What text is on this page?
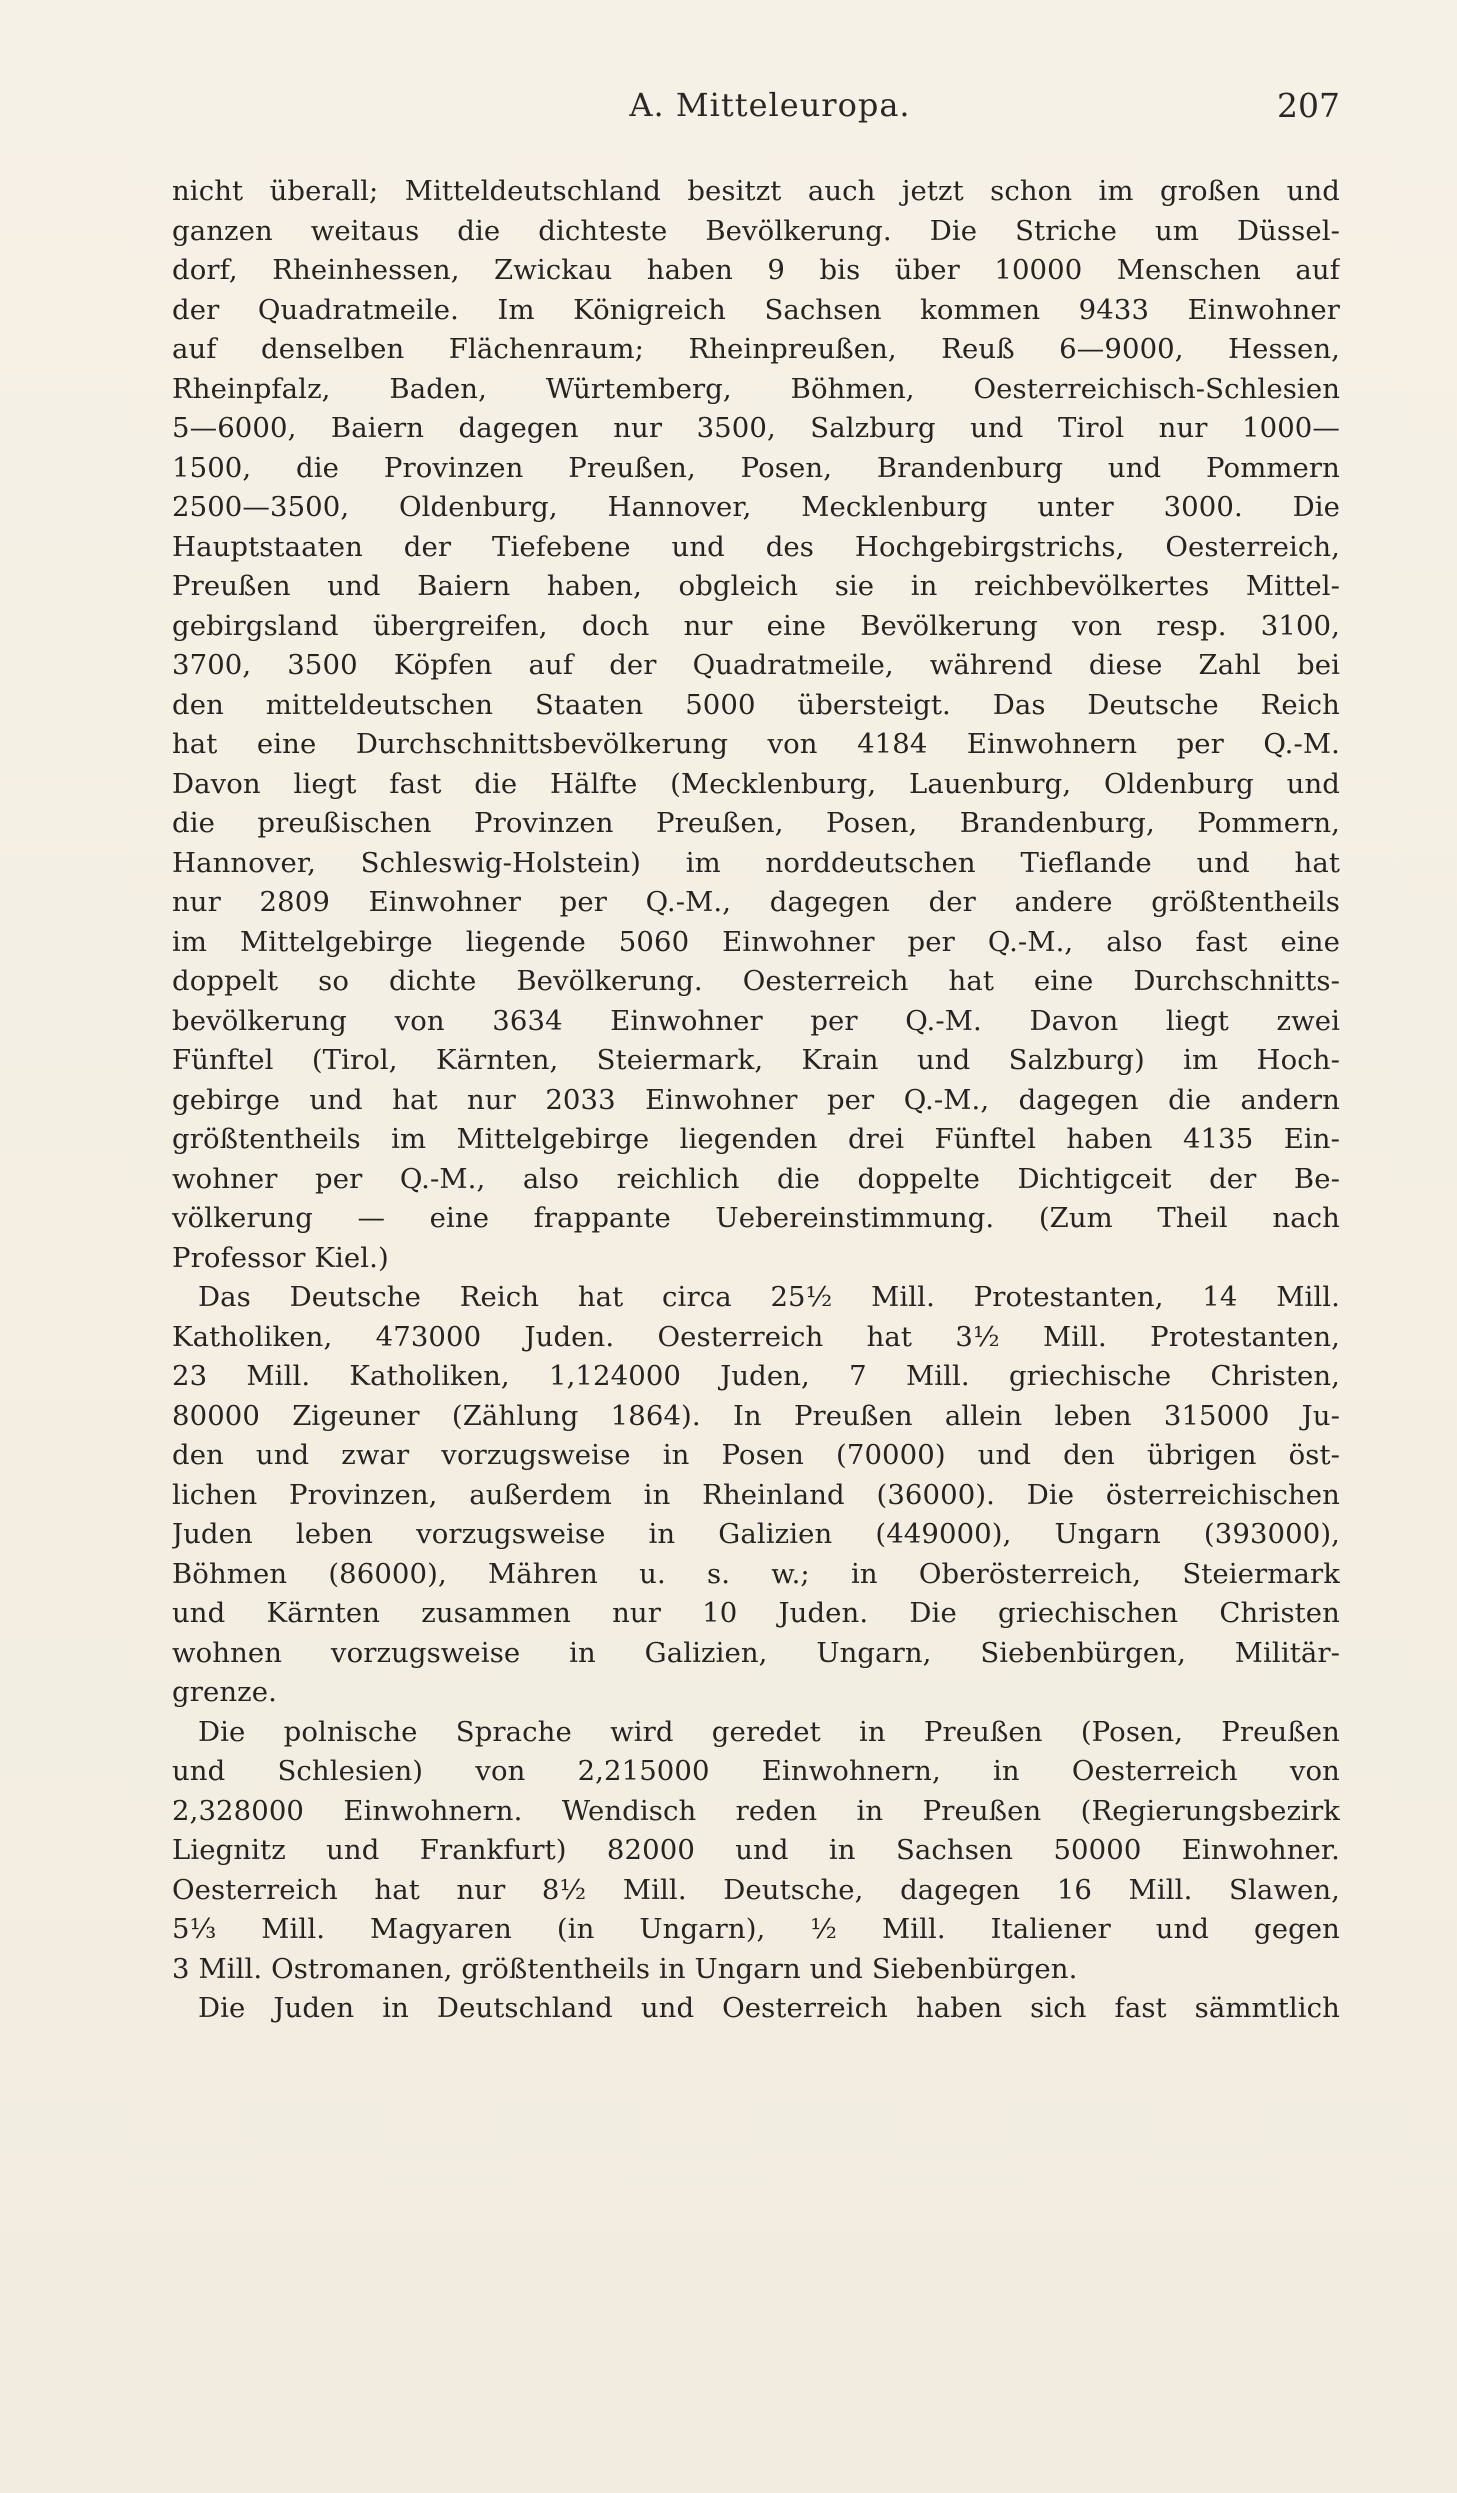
A. Mitteleuropa.	207
nicht überall; Mitteldeutschland besitzt auch jetzt schon im großen und
ganzen weitaus die dichteste Bevölkerung. Die Striche um Düssel-
dorf, Rheinhessen, Zwickau haben 9 bis über 10000 Menschen auf
der Quadratmeile. Im Königreich Sachsen kommen 9433 Einwohner
auf denselben Flächenraum; Rheinpreußen, Reuß 6—9000, Hessen,
Rheinpfalz, Baden, Würtemberg, Böhmen, Oesterreichisch-Schlesien
5—6000, Baiern dagegen nur 3500, Salzburg und Tirol nur 1000—
1500, die Provinzen Preußen, Posen, Brandenburg und Pommern
2500—3500, Oldenburg, Hannover, Mecklenburg unter 3000. Die
Hauptstaaten der Tiefebene und des Hochgebirgstrichs, Oesterreich,
Preußen und Baiern haben, obgleich sie in reichbevölkertes Mittel-
gebirgsland übergreifen, doch nur eine Bevölkerung von resp. 3100,
3700, 3500 Köpfen auf der Quadratmeile, während diese Zahl bei
den mitteldeutschen Staaten 5000 übersteigt. Das Deutsche Reich
hat eine Durchschnittsbevölkerung von 4184 Einwohnern per Q.-M.
Davon liegt fast die Hälfte (Mecklenburg, Lauenburg, Oldenburg und
die preußischen Provinzen Preußen, Posen, Brandenburg, Pommern,
Hannover, Schleswig-Holstein) im norddeutschen Tieflande und hat
nur 2809 Einwohner per Q.-M., dagegen der andere größtentheils
im Mittelgebirge liegende 5060 Einwohner per Q.-M., also fast eine
doppelt so dichte Bevölkerung. Oesterreich hat eine Durchschnitts-
bevölkerung von 3634 Einwohner per Q.-M. Davon liegt zwei
Fünftel (Tirol, Kärnten, Steiermark, Krain und Salzburg) im Hoch-
gebirge und hat nur 2033 Einwohner per Q.-M., dagegen die andern
größtentheils im Mittelgebirge liegenden drei Fünftel haben 4135 Ein-
wohner per Q.-M., also reichlich die doppelte Dichtigceit der Be-
völkerung — eine frappante Uebereinstimmung. (Zum Theil nach
Professor Kiel.)
Das Deutsche Reich hat circa 25½ Mill. Protestanten, 14 Mill.
Katholiken, 473000 Juden. Oesterreich hat 3½ Mill. Protestanten,
23 Mill. Katholiken, 1,124000 Juden, 7 Mill. griechische Christen,
80000 Zigeuner (Zählung 1864). In Preußen allein leben 315000 Ju-
den und zwar vorzugsweise in Posen (70000) und den übrigen öst-
lichen Provinzen, außerdem in Rheinland (36000). Die österreichischen
Juden leben vorzugsweise in Galizien (449000), Ungarn (393000),
Böhmen (86000), Mähren u. s. w.; in Oberösterreich, Steiermark
und Kärnten zusammen nur 10 Juden. Die griechischen Christen
wohnen vorzugsweise in Galizien, Ungarn, Siebenbürgen, Militär-
grenze.
Die polnische Sprache wird geredet in Preußen (Posen, Preußen
und Schlesien) von 2,215000 Einwohnern, in Oesterreich von
2,328000 Einwohnern. Wendisch reden in Preußen (Regierungsbezirk
Liegnitz und Frankfurt) 82000 und in Sachsen 50000 Einwohner.
Oesterreich hat nur 8½ Mill. Deutsche, dagegen 16 Mill. Slawen,
5⅓ Mill. Magyaren (in Ungarn), ½ Mill. Italiener und gegen
3 Mill. Ostromanen, größtentheils in Ungarn und Siebenbürgen.
Die Juden in Deutschland und Oesterreich haben sich fast sämmtlich
